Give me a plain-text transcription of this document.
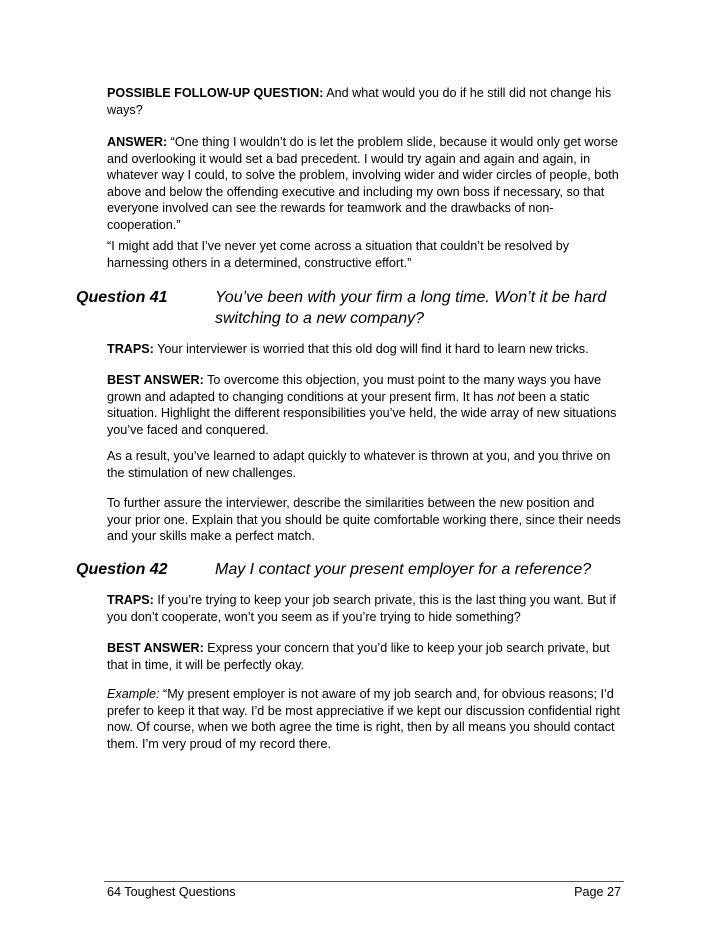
POSSIBLE FOLLOW-UP QUESTION: And what would you do if he still did not change his ways?
ANSWER: “One thing I wouldn’t do is let the problem slide, because it would only get worse and overlooking it would set a bad precedent. I would try again and again and again, in whatever way I could, to solve the problem, involving wider and wider circles of people, both above and below the offending executive and including my own boss if necessary, so that everyone involved can see the rewards for teamwork and the drawbacks of non-cooperation.”
“I might add that I’ve never yet come across a situation that couldn’t be resolved by harnessing others in a determined, constructive effort.”
Question 41	You’ve been with your firm a long time. Won’t it be hard switching to a new company?
TRAPS: Your interviewer is worried that this old dog will find it hard to learn new tricks.
BEST ANSWER: To overcome this objection, you must point to the many ways you have grown and adapted to changing conditions at your present firm. It has not been a static situation. Highlight the different responsibilities you’ve held, the wide array of new situations you’ve faced and conquered.
As a result, you’ve learned to adapt quickly to whatever is thrown at you, and you thrive on the stimulation of new challenges.
To further assure the interviewer, describe the similarities between the new position and your prior one. Explain that you should be quite comfortable working there, since their needs and your skills make a perfect match.
Question 42	May I contact your present employer for a reference?
TRAPS: If you’re trying to keep your job search private, this is the last thing you want. But if you don’t cooperate, won’t you seem as if you’re trying to hide something?
BEST ANSWER: Express your concern that you’d like to keep your job search private, but that in time, it will be perfectly okay.
Example: “My present employer is not aware of my job search and, for obvious reasons; I’d prefer to keep it that way. I’d be most appreciative if we kept our discussion confidential right now. Of course, when we both agree the time is right, then by all means you should contact them. I’m very proud of my record there.
64 Toughest Questions	Page 27
